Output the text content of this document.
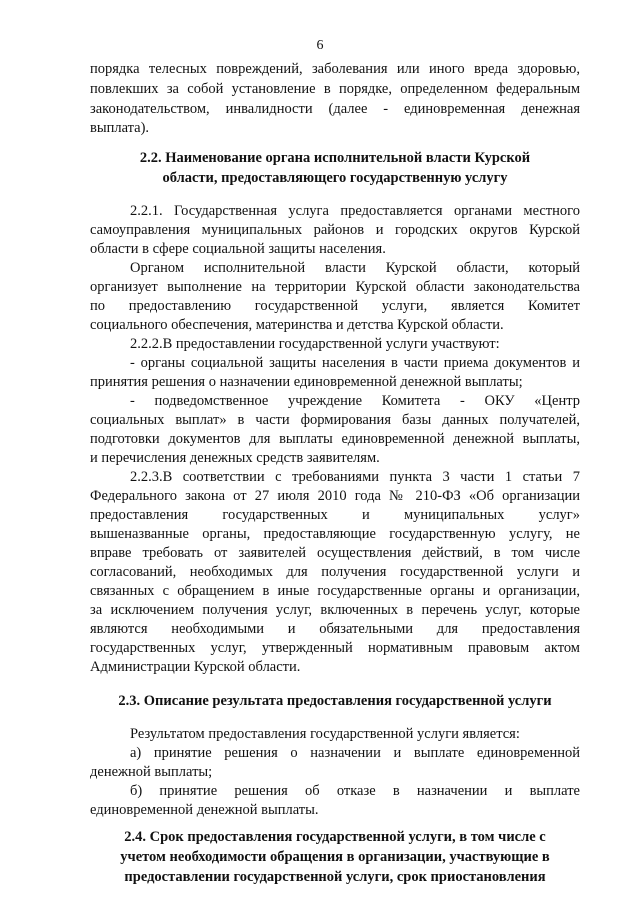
6
порядка телесных повреждений, заболевания или иного вреда здоровью,
повлекших за собой установление в порядке, определенном федеральным
законодательством, инвалидности (далее - единовременная денежная
выплата).
2.2. Наименование органа исполнительной власти Курской
области, предоставляющего государственную услугу
2.2.1. Государственная услуга предоставляется органами местного
самоуправления муниципальных районов и городских округов Курской
области в сфере социальной защиты населения.
Органом исполнительной власти Курской области, который
организует выполнение на территории Курской области законодательства
по предоставлению государственной услуги, является Комитет
социального обеспечения, материнства и детства Курской области.
2.2.2.В предоставлении государственной услуги участвуют:
- органы социальной защиты населения в части приема документов и
принятия решения о назначении единовременной денежной выплаты;
- подведомственное учреждение Комитета - ОКУ «Центр
социальных выплат» в части формирования базы данных получателей,
подготовки документов для выплаты единовременной денежной выплаты,
и перечисления денежных средств заявителям.
2.2.3.В соответствии с требованиями пункта 3 части 1 статьи 7
Федерального закона от 27 июля 2010 года № 210-ФЗ «Об организации
предоставления государственных и муниципальных услуг»
вышеназванные органы, предоставляющие государственную услугу, не
вправе требовать от заявителей осуществления действий, в том числе
согласований, необходимых для получения государственной услуги и
связанных с обращением в иные государственные органы и организации,
за исключением получения услуг, включенных в перечень услуг, которые
являются необходимыми и обязательными для предоставления
государственных услуг, утвержденный нормативным правовым актом
Администрации Курской области.
2.3. Описание результата предоставления государственной услуги
Результатом предоставления государственной услуги является:
а) принятие решения о назначении и выплате единовременной
денежной выплаты;
б) принятие решения об отказе в назначении и выплате
единовременной денежной выплаты.
2.4. Срок предоставления государственной услуги, в том числе с
учетом необходимости обращения в организации, участвующие в
предоставлении государственной услуги, срок приостановления
